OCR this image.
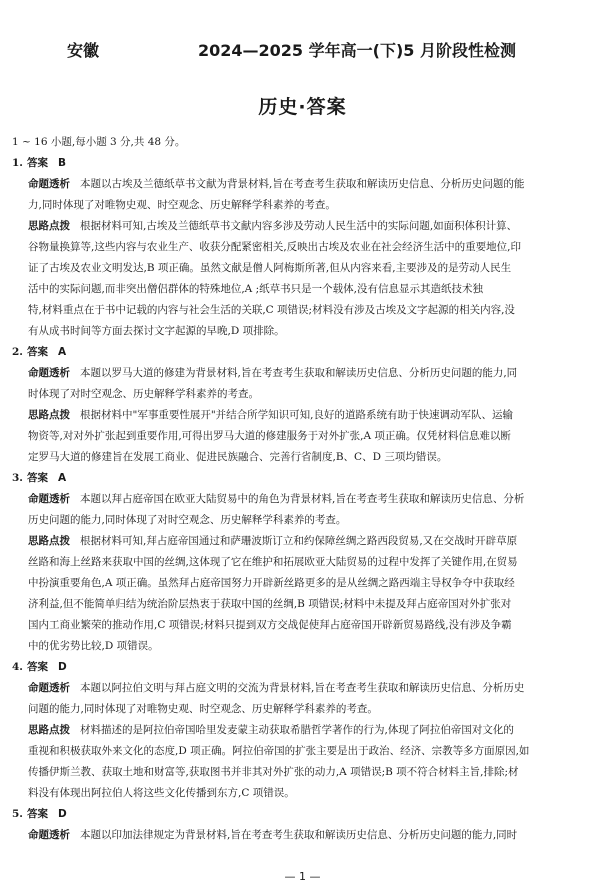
安徽	2024—2025 学年高一(下)5 月阶段性检测
历史·答案
1 ~ 16 小题,每小题 3 分,共 48 分。
1. 答案 B
命题透析 本题以古埃及兰德纸草书文献为背景材料,旨在考查考生获取和解读历史信息、分析历史问题的能
力,同时体现了对唯物史观、时空观念、历史解释学科素养的考查。
思路点拨 根据材料可知,古埃及兰德纸草书文献内容多涉及劳动人民生活中的实际问题,如面积体积计算、
谷物量换算等,这些内容与农业生产、收获分配紧密相关,反映出古埃及农业在社会经济生活中的重要地位,印
证了古埃及农业文明发达,B 项正确。虽然文献是僧人阿梅斯所著,但从内容来看,主要涉及的是劳动人民生
活中的实际问题,而非突出僧侣群体的特殊地位,A ;纸草书只是一个载体,没有信息显示其造纸技术独
特,材料重点在于书中记载的内容与社会生活的关联,C 项错误;材料没有涉及古埃及文字起源的相关内容,没
有从成书时间等方面去探讨文字起源的早晚,D 项排除。
2. 答案 A
命题透析 本题以罗马大道的修建为背景材料,旨在考查考生获取和解读历史信息、分析历史问题的能力,同
时体现了对时空观念、历史解释学科素养的考查。
思路点拨 根据材料中"军事重要性展开"并结合所学知识可知,良好的道路系统有助于快速调动军队、运输
物资等,对对外扩张起到重要作用,可得出罗马大道的修建服务于对外扩张,A 项正确。仅凭材料信息难以断
定罗马大道的修建旨在发展工商业、促进民族融合、完善行省制度,B、C、D 三项均错误。
3. 答案 A
命题透析 本题以拜占庭帝国在欧亚大陆贸易中的角色为背景材料,旨在考查考生获取和解读历史信息、分析
历史问题的能力,同时体现了对时空观念、历史解释学科素养的考查。
思路点拨 根据材料可知,拜占庭帝国通过和萨珊波斯订立和约保障丝绸之路西段贸易,又在交战时开辟草原
丝路和海上丝路来获取中国的丝绸,这体现了它在维护和拓展欧亚大陆贸易的过程中发挥了关键作用,在贸易
中扮演重要角色,A 项正确。虽然拜占庭帝国努力开辟新丝路更多的是从丝绸之路西端主导权争夺中获取经
济利益,但不能简单归结为统治阶层热衷于获取中国的丝绸,B 项错误;材料中未提及拜占庭帝国对外扩张对
国内工商业繁荣的推动作用,C 项错误;材料只提到双方交战促使拜占庭帝国开辟新贸易路线,没有涉及争霸
中的优劣势比较,D 项错误。
4. 答案 D
命题透析 本题以阿拉伯文明与拜占庭文明的交流为背景材料,旨在考查考生获取和解读历史信息、分析历史
问题的能力,同时体现了对唯物史观、时空观念、历史解释学科素养的考查。
思路点拨 材料描述的是阿拉伯帝国哈里发麦蒙主动获取希腊哲学著作的行为,体现了阿拉伯帝国对文化的
重视和积极获取外来文化的态度,D 项正确。阿拉伯帝国的扩张主要是出于政治、经济、宗教等多方面原因,如
传播伊斯兰教、获取土地和财富等,获取图书并非其对外扩张的动力,A 项错误;B 项不符合材料主旨,排除;材
料没有体现出阿拉伯人将这些文化传播到东方,C 项错误。
5. 答案 D
命题透析 本题以印加法律规定为背景材料,旨在考查考生获取和解读历史信息、分析历史问题的能力,同时
— 1 —
